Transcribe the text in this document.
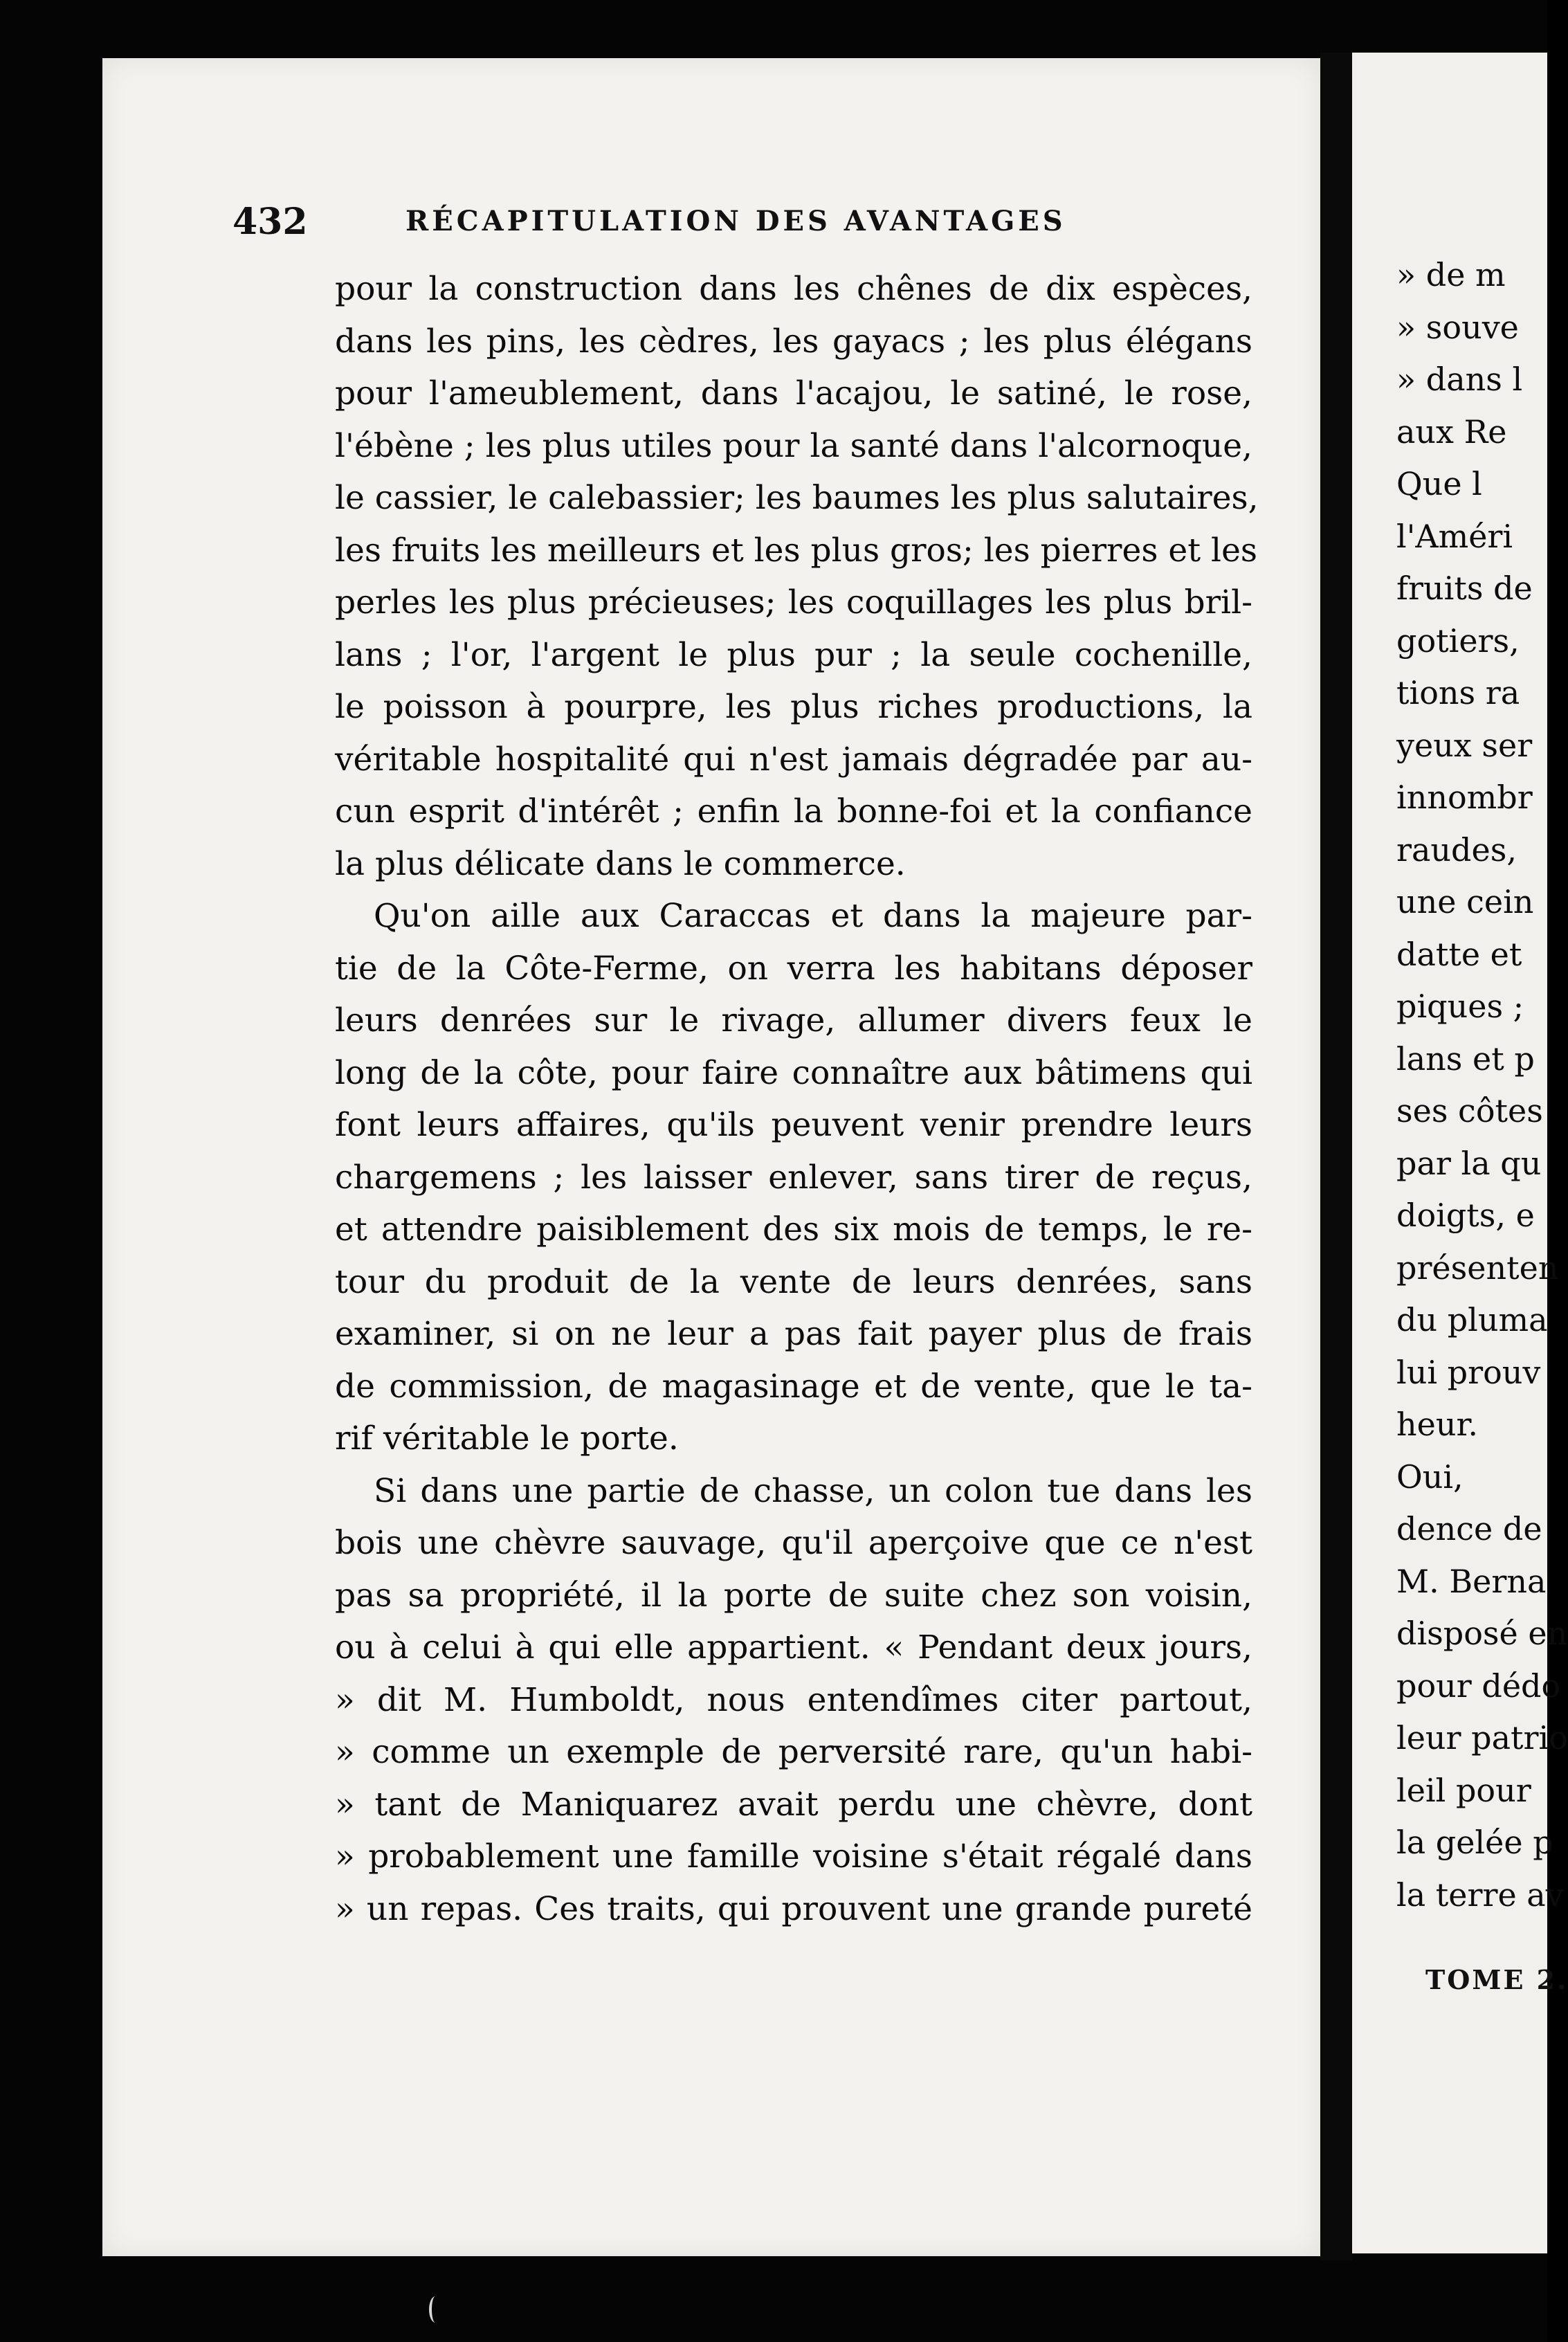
432	RÉCAPITULATION DES AVANTAGES
pour la construction dans les chênes de dix espèces,
dans les pins, les cèdres, les gayacs ; les plus élégans
pour l'ameublement, dans l'acajou, le satiné, le rose,
l'ébène ; les plus utiles pour la santé dans l'alcornoque,
le cassier, le calebassier; les baumes les plus salutaires,
les fruits les meilleurs et les plus gros; les pierres et les
perles les plus précieuses; les coquillages les plus bril-
lans ; l'or, l'argent le plus pur ; la seule cochenille,
le poisson à pourpre, les plus riches productions, la
véritable hospitalité qui n'est jamais dégradée par au-
cun esprit d'intérêt ; enfin la bonne-foi et la confiance
la plus délicate dans le commerce.
Qu'on aille aux Caraccas et dans la majeure par-
tie de la Côte-Ferme, on verra les habitans déposer
leurs denrées sur le rivage, allumer divers feux le
long de la côte, pour faire connaître aux bâtimens qui
font leurs affaires, qu'ils peuvent venir prendre leurs
chargemens ; les laisser enlever, sans tirer de reçus,
et attendre paisiblement des six mois de temps, le re-
tour du produit de la vente de leurs denrées, sans
examiner, si on ne leur a pas fait payer plus de frais
de commission, de magasinage et de vente, que le ta-
rif véritable le porte.
Si dans une partie de chasse, un colon tue dans les
bois une chèvre sauvage, qu'il aperçoive que ce n'est
pas sa propriété, il la porte de suite chez son voisin,
ou à celui à qui elle appartient. « Pendant deux jours,
» dit M. Humboldt, nous entendîmes citer partout,
» comme un exemple de perversité rare, qu'un habi-
» tant de Maniquarez avait perdu une chèvre, dont
» probablement une famille voisine s'était régalé dans
» un repas. Ces traits, qui prouvent une grande pureté
» de m
» souve
» dans l
aux Re
Que l
l'Améri
fruits de
gotiers,
tions ra
yeux ser
innombr
raudes,
une cein
datte et
piques ;
lans et p
ses côtes
par la qu
doigts, e
présenten
du pluma
lui prouv
heur.
Oui,
dence de
M. Berna
disposé en
pour dédo
leur patrio
leil pour
la gelée p
la terre av
TOME 2.
